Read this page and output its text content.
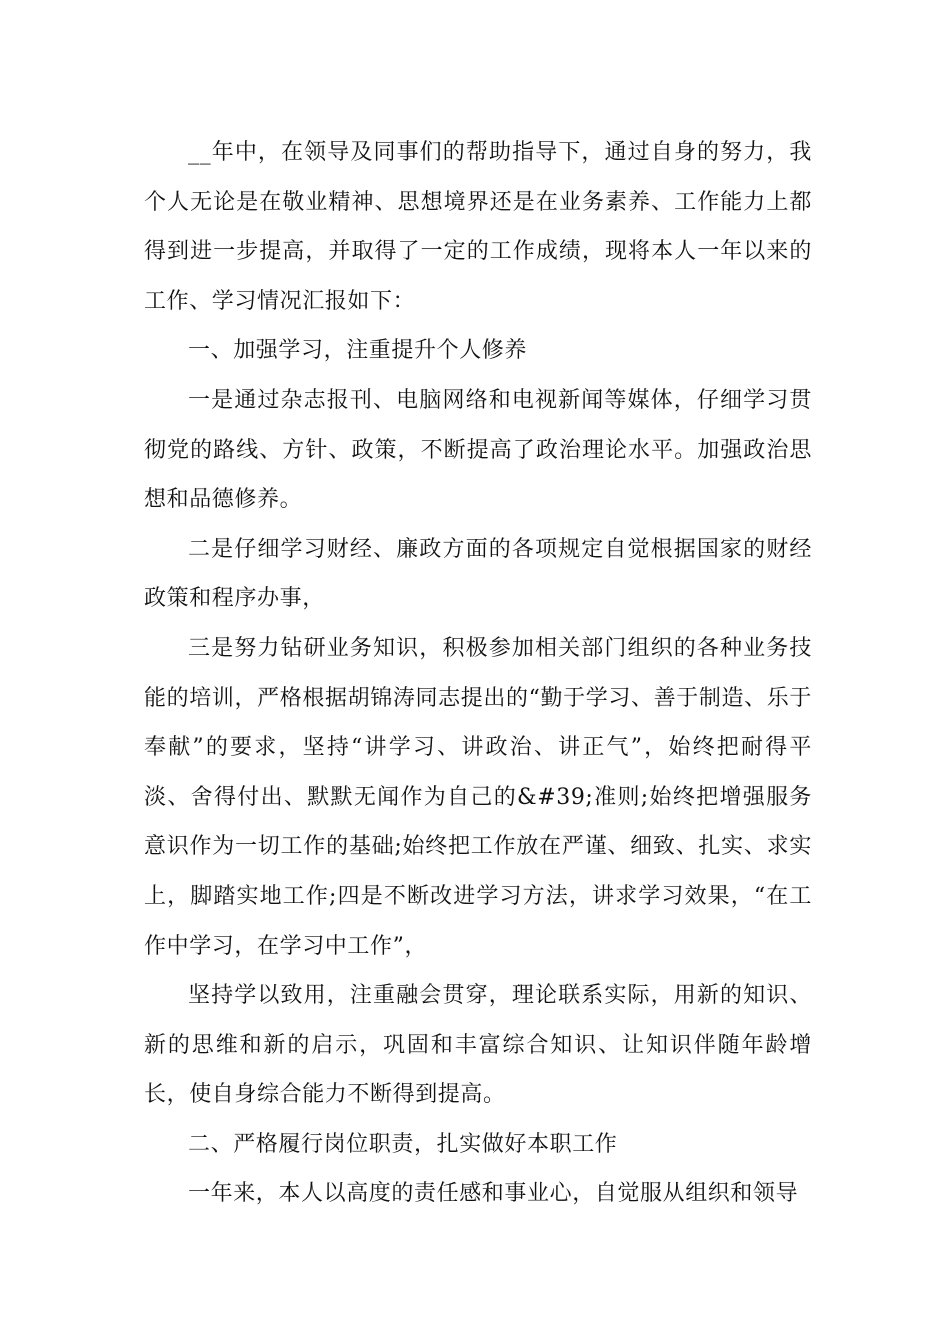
__年中，在领导及同事们的帮助指导下，通过自身的努力，我个人无论是在敬业精神、思想境界还是在业务素养、工作能力上都得到进一步提高，并取得了一定的工作成绩，现将本人一年以来的工作、学习情况汇报如下：

一、加强学习，注重提升个人修养

一是通过杂志报刊、电脑网络和电视新闻等媒体，仔细学习贯彻党的路线、方针、政策，不断提高了政治理论水平。加强政治思想和品德修养。

二是仔细学习财经、廉政方面的各项规定自觉根据国家的财经政策和程序办事，

三是努力钻研业务知识，积极参加相关部门组织的各种业务技能的培训，严格根据胡锦涛同志提出的“勤于学习、善于制造、乐于奉献”的要求，坚持“讲学习、讲政治、讲正气”，始终把耐得平淡、舍得付出、默默无闻作为自己的&#39;准则;始终把增强服务意识作为一切工作的基础;始终把工作放在严谨、细致、扎实、求实上，脚踏实地工作;四是不断改进学习方法，讲求学习效果，“在工作中学习，在学习中工作”，

坚持学以致用，注重融会贯穿，理论联系实际，用新的知识、新的思维和新的启示，巩固和丰富综合知识、让知识伴随年龄增长，使自身综合能力不断得到提高。

二、严格履行岗位职责，扎实做好本职工作

一年来，本人以高度的责任感和事业心，自觉服从组织和领导
